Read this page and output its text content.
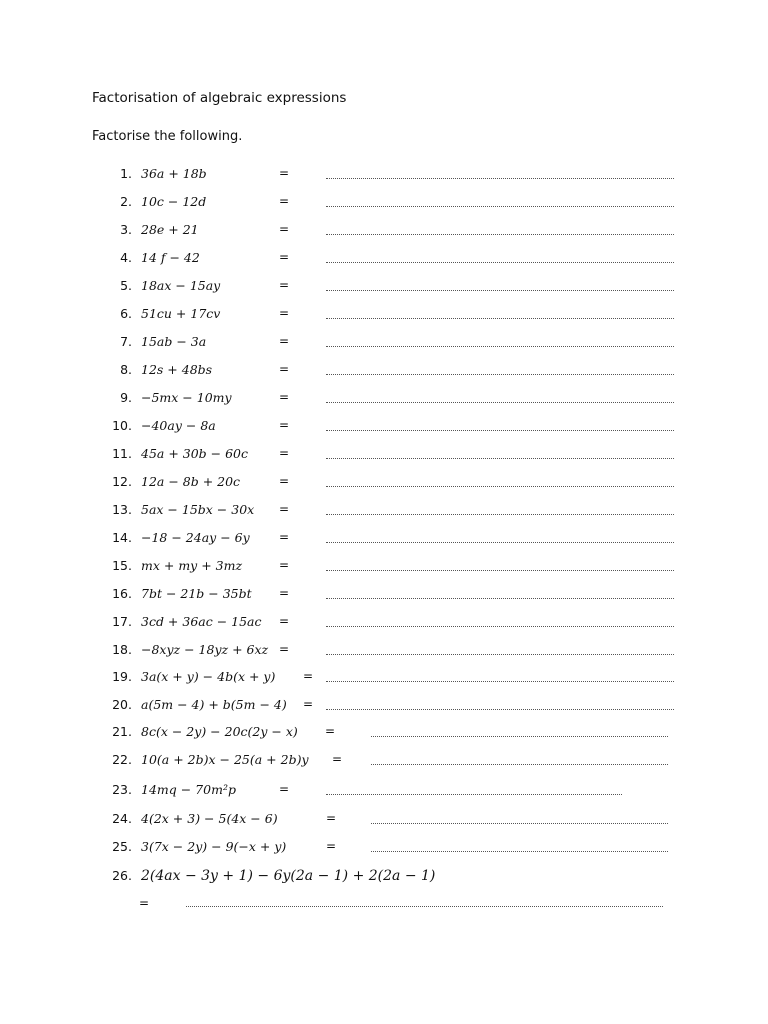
Factorisation of algebraic expressions
Factorise the following.
1. 36a + 18b	=
2. 10c − 12d	=
3. 28e + 21	=
4. 14 f − 42	=
5. 18ax − 15ay	=
6. 51cu + 17cv	=
7. 15ab − 3a	=
8. 12s + 48bs	=
9. −5mx − 10my	=
10. −40ay − 8a	=
11. 45a + 30b − 60c	=
12. 12a − 8b + 20c	=
13. 5ax − 15bx − 30x =
14. −18 − 24ay − 6y =
15. mx + my + 3mz	=
16. 7bt − 21b − 35bt =
17. 3cd + 36ac − 15ac =
18. −8xyz − 18yz + 6xz =
19. 3a(x + y) − 4b(x + y) =
20. a(5m − 4) + b(5m − 4) =
21. 8c(x − 2y) − 20c(2y − x) =
22. 10(a + 2b)x − 25(a + 2b)y =
23. 14mq − 70m²p	=
24. 4(2x + 3) − 5(4x − 6)	=
25. 3(7x − 2y) − 9(−x + y)	=
26. 2(4ax − 3y + 1) − 6y(2a − 1) + 2(2a − 1)
=
